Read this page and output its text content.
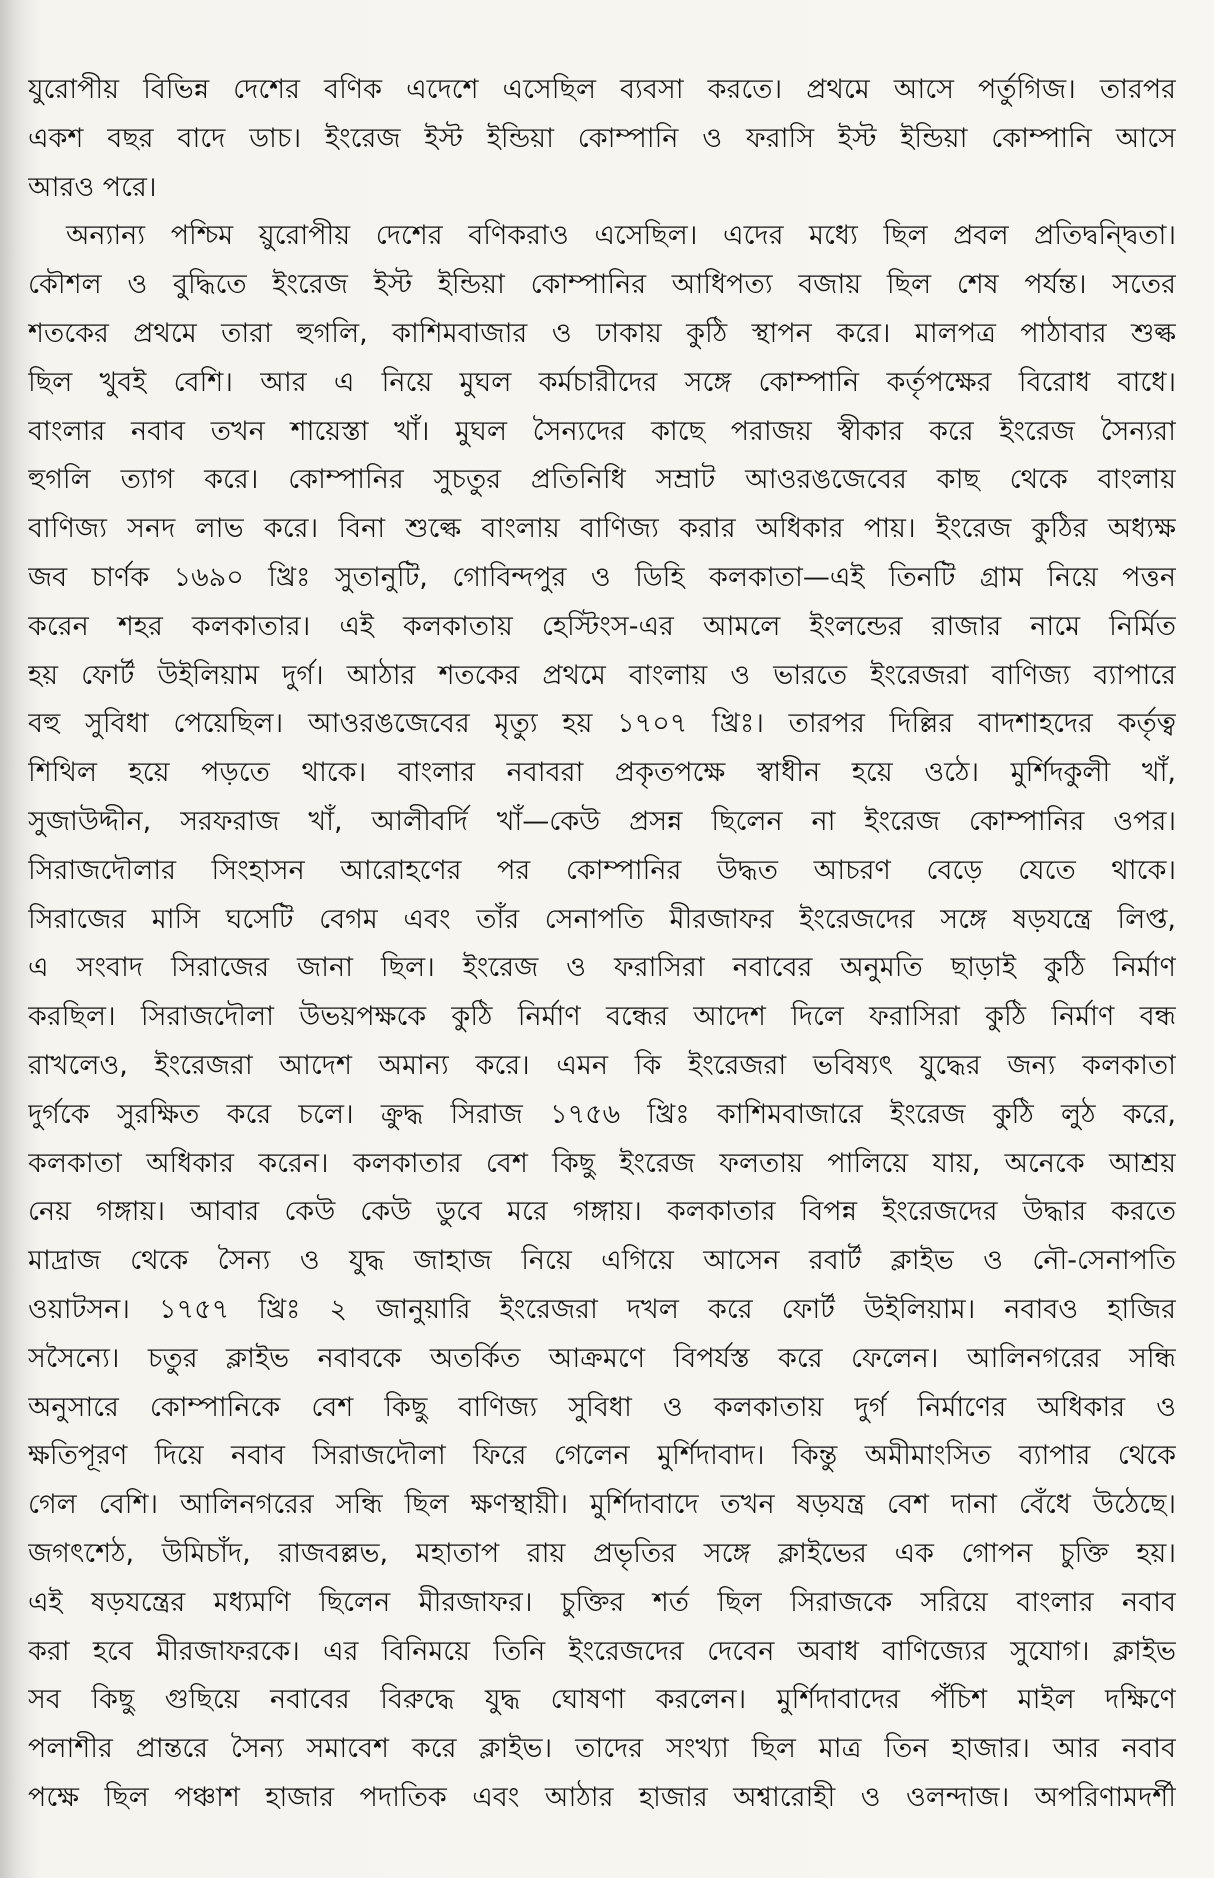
যুরোপীয় বিভিন্ন দেশের বণিক এদেশে এসেছিল ব্যবসা করতে। প্রথমে আসে পর্তুগিজ। তারপর
একশ বছর বাদে ডাচ। ইংরেজ ইস্ট ইন্ডিয়া কোম্পানি ও ফরাসি ইস্ট ইন্ডিয়া কোম্পানি আসে
আরও পরে।
অন্যান্য পশ্চিম য়ুরোপীয় দেশের বণিকরাও এসেছিল। এদের মধ্যে ছিল প্রবল প্রতিদ্বন্দ্বিতা।
কৌশল ও বুদ্ধিতে ইংরেজ ইস্ট ইন্ডিয়া কোম্পানির আধিপত্য বজায় ছিল শেষ পর্যন্ত। সতের
শতকের প্রথমে তারা হুগলি, কাশিমবাজার ও ঢাকায় কুঠি স্থাপন করে। মালপত্র পাঠাবার শুল্ক
ছিল খুবই বেশি। আর এ নিয়ে মুঘল কর্মচারীদের সঙ্গে কোম্পানি কর্তৃপক্ষের বিরোধ বাধে।
বাংলার নবাব তখন শায়েস্তা খাঁ। মুঘল সৈন্যদের কাছে পরাজয় স্বীকার করে ইংরেজ সৈন্যরা
হুগলি ত্যাগ করে। কোম্পানির সুচতুর প্রতিনিধি সম্রাট আওরঙজেবের কাছ থেকে বাংলায়
বাণিজ্য সনদ লাভ করে। বিনা শুল্কে বাংলায় বাণিজ্য করার অধিকার পায়। ইংরেজ কুঠির অধ্যক্ষ
জব চার্ণক ১৬৯০ খ্রিঃ সুতানুটি, গোবিন্দপুর ও ডিহি কলকাতা—এই তিনটি গ্রাম নিয়ে পত্তন
করেন শহর কলকাতার। এই কলকাতায় হেস্টিংস-এর আমলে ইংলন্ডের রাজার নামে নির্মিত
হয় ফোর্ট উইলিয়াম দুর্গ। আঠার শতকের প্রথমে বাংলায় ও ভারতে ইংরেজরা বাণিজ্য ব্যাপারে
বহু সুবিধা পেয়েছিল। আওরঙজেবের মৃত্যু হয় ১৭০৭ খ্রিঃ। তারপর দিল্লির বাদশাহদের কর্তৃত্ব
শিথিল হয়ে পড়তে থাকে। বাংলার নবাবরা প্রকৃতপক্ষে স্বাধীন হয়ে ওঠে। মুর্শিদকুলী খাঁ,
সুজাউদ্দীন, সরফরাজ খাঁ, আলীবর্দি খাঁ—কেউ প্রসন্ন ছিলেন না ইংরেজ কোম্পানির ওপর।
সিরাজদৌলার সিংহাসন আরোহণের পর কোম্পানির উদ্ধত আচরণ বেড়ে যেতে থাকে।
সিরাজের মাসি ঘসেটি বেগম এবং তাঁর সেনাপতি মীরজাফর ইংরেজদের সঙ্গে ষড়যন্ত্রে লিপ্ত,
এ সংবাদ সিরাজের জানা ছিল। ইংরেজ ও ফরাসিরা নবাবের অনুমতি ছাড়াই কুঠি নির্মাণ
করছিল। সিরাজদৌলা উভয়পক্ষকে কুঠি নির্মাণ বন্ধের আদেশ দিলে ফরাসিরা কুঠি নির্মাণ বন্ধ
রাখলেও, ইংরেজরা আদেশ অমান্য করে। এমন কি ইংরেজরা ভবিষ্যৎ যুদ্ধের জন্য কলকাতা
দুর্গকে সুরক্ষিত করে চলে। ক্রুদ্ধ সিরাজ ১৭৫৬ খ্রিঃ কাশিমবাজারে ইংরেজ কুঠি লুঠ করে,
কলকাতা অধিকার করেন। কলকাতার বেশ কিছু ইংরেজ ফলতায় পালিয়ে যায়, অনেকে আশ্রয়
নেয় গঙ্গায়। আবার কেউ কেউ ডুবে মরে গঙ্গায়। কলকাতার বিপন্ন ইংরেজদের উদ্ধার করতে
মাদ্রাজ থেকে সৈন্য ও যুদ্ধ জাহাজ নিয়ে এগিয়ে আসেন রবার্ট ক্লাইভ ও নৌ-সেনাপতি
ওয়াটসন। ১৭৫৭ খ্রিঃ ২ জানুয়ারি ইংরেজরা দখল করে ফোর্ট উইলিয়াম। নবাবও হাজির
সসৈন্যে। চতুর ক্লাইভ নবাবকে অতর্কিত আক্রমণে বিপর্যস্ত করে ফেলেন। আলিনগরের সন্ধি
অনুসারে কোম্পানিকে বেশ কিছু বাণিজ্য সুবিধা ও কলকাতায় দুর্গ নির্মাণের অধিকার ও
ক্ষতিপূরণ দিয়ে নবাব সিরাজদৌলা ফিরে গেলেন মুর্শিদাবাদ। কিন্তু অমীমাংসিত ব্যাপার থেকে
গেল বেশি। আলিনগরের সন্ধি ছিল ক্ষণস্থায়ী। মুর্শিদাবাদে তখন ষড়যন্ত্র বেশ দানা বেঁধে উঠেছে।
জগৎশেঠ, উমিচাঁদ, রাজবল্লভ, মহাতাপ রায় প্রভৃতির সঙ্গে ক্লাইভের এক গোপন চুক্তি হয়।
এই ষড়যন্ত্রের মধ্যমণি ছিলেন মীরজাফর। চুক্তির শর্ত ছিল সিরাজকে সরিয়ে বাংলার নবাব
করা হবে মীরজাফরকে। এর বিনিময়ে তিনি ইংরেজদের দেবেন অবাধ বাণিজ্যের সুযোগ। ক্লাইভ
সব কিছু গুছিয়ে নবাবের বিরুদ্ধে যুদ্ধ ঘোষণা করলেন। মুর্শিদাবাদের পঁচিশ মাইল দক্ষিণে
পলাশীর প্রান্তরে সৈন্য সমাবেশ করে ক্লাইভ। তাদের সংখ্যা ছিল মাত্র তিন হাজার। আর নবাব
পক্ষে ছিল পঞ্চাশ হাজার পদাতিক এবং আঠার হাজার অশ্বারোহী ও ওলন্দাজ। অপরিণামদর্শী
